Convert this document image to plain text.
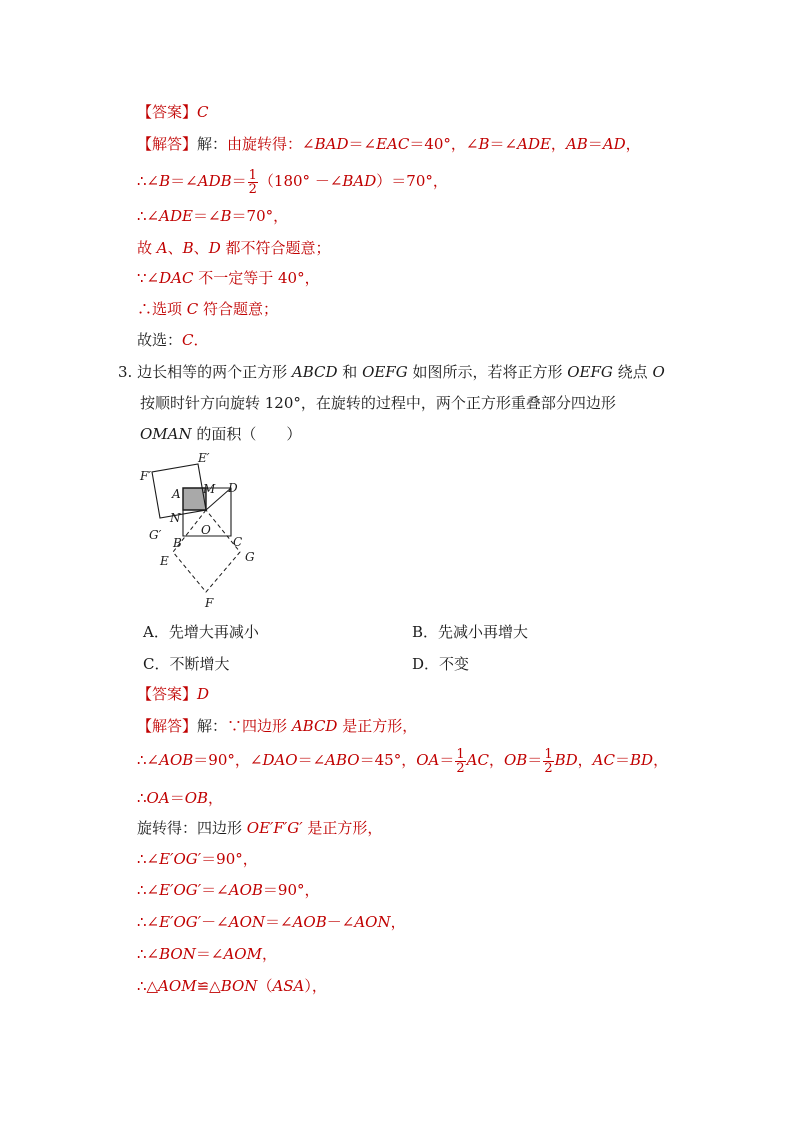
【答案】C
【解答】解：由旋转得：∠BAD＝∠EAC＝40°，∠B＝∠ADE，AB＝AD，
∴∠B＝∠ADB＝ $\frac{1}{2} (180^\circ$ －∠BAD）＝70°，
∴∠ADE＝∠B＝70°，
故 A、B、D 都不符合题意；
∵∠DAC 不一定等于 40°，
∴选项 C 符合题意；
故选：C．
3. 边长相等的两个正方形 ABCD 和 OEFG 如图所示，若将正方形 OEFG 绕点 O
按顺时针方向旋转 120°，在旋转的过程中，两个正方形重叠部分四边形
OMAN 的面积（　　）
F′
E′
A M D
N
O
G′
B	C
E	G
F
A．先增大再减小	B．先减小再增大
C．不断增大	D．不变
【答案】D
【解答】解：∵四边形 ABCD 是正方形，
∴∠AOB＝90°，∠DAO＝∠ABO＝45°，$OA= \frac{1}{2}$ AC，$OB= \frac{1}{2}$ BD，AC＝BD，
∴OA＝OB，
旋转得：四边形 OE′F′G′ 是正方形，
∴∠E′OG′＝90°，
∴∠E′OG′＝∠AOB＝90°，
∴∠E′OG′－∠AON＝∠AOB－∠AON，
∴∠BON＝∠AOM，
∴△AOM≌△BON（ASA），
